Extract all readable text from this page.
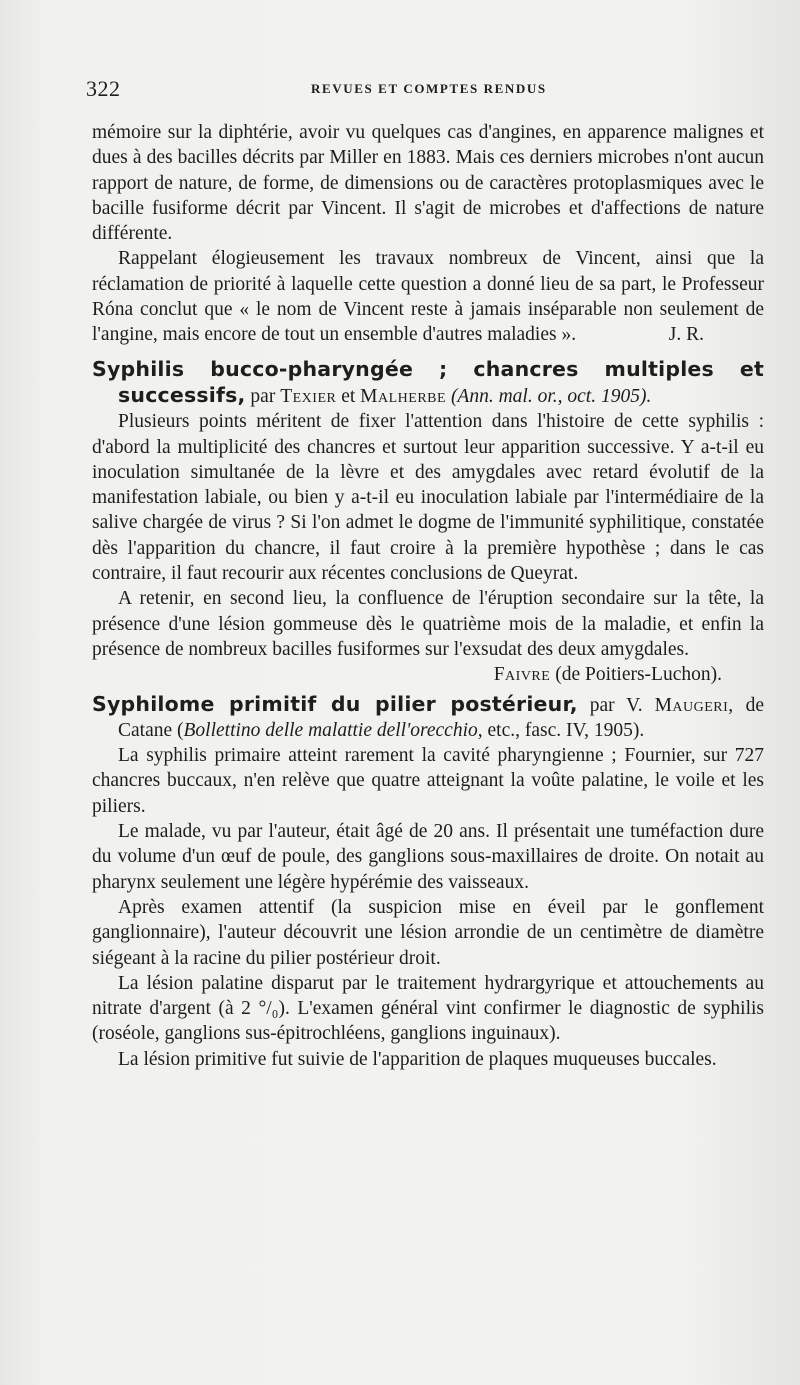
322	REVUES ET COMPTES RENDUS

mémoire sur la diphtérie, avoir vu quelques cas d'angines, en apparence malignes et dues à des bacilles décrits par Miller en 1883. Mais ces derniers microbes n'ont aucun rapport de nature, de forme, de dimensions ou de caractères protoplasmiques avec le bacille fusiforme décrit par Vincent. Il s'agit de microbes et d'affections de nature différente.

Rappelant élogieusement les travaux nombreux de Vincent, ainsi que la réclamation de priorité à laquelle cette question a donné lieu de sa part, le Professeur Róna conclut que « le nom de Vincent reste à jamais inséparable non seulement de l'angine, mais encore de tout un ensemble d'autres maladies ».	J. R.

Syphilis bucco-pharyngée ; chancres multiples et successifs, par Texier et Malherbe (Ann. mal. or., oct. 1905).

Plusieurs points méritent de fixer l'attention dans l'histoire de cette syphilis : d'abord la multiplicité des chancres et surtout leur apparition successive. Y a-t-il eu inoculation simultanée de la lèvre et des amygdales avec retard évolutif de la manifestation labiale, ou bien y a-t-il eu inoculation labiale par l'intermédiaire de la salive chargée de virus ? Si l'on admet le dogme de l'immunité syphilitique, constatée dès l'apparition du chancre, il faut croire à la première hypothèse ; dans le cas contraire, il faut recourir aux récentes conclusions de Queyrat.

A retenir, en second lieu, la confluence de l'éruption secondaire sur la tête, la présence d'une lésion gommeuse dès le quatrième mois de la maladie, et enfin la présence de nombreux bacilles fusiformes sur l'exsudat des deux amygdales.

Faivre (de Poitiers-Luchon).

Syphilome primitif du pilier postérieur, par V. Maugeri, de Catane (Bollettino delle malattie dell'orecchio, etc., fasc. IV, 1905).

La syphilis primaire atteint rarement la cavité pharyngienne ; Fournier, sur 727 chancres buccaux, n'en relève que quatre atteignant la voûte palatine, le voile et les piliers.

Le malade, vu par l'auteur, était âgé de 20 ans. Il présentait une tuméfaction dure du volume d'un œuf de poule, des ganglions sous-maxillaires de droite. On notait au pharynx seulement une légère hypérémie des vaisseaux.

Après examen attentif (la suspicion mise en éveil par le gonflement ganglionnaire), l'auteur découvrit une lésion arrondie de un centimètre de diamètre siégeant à la racine du pilier postérieur droit.

La lésion palatine disparut par le traitement hydrargyrique et attouchements au nitrate d'argent (à 2 °/₀). L'examen général vint confirmer le diagnostic de syphilis (roséole, ganglions sus-épitrochléens, ganglions inguinaux).

La lésion primitive fut suivie de l'apparition de plaques muqueuses buccales.
